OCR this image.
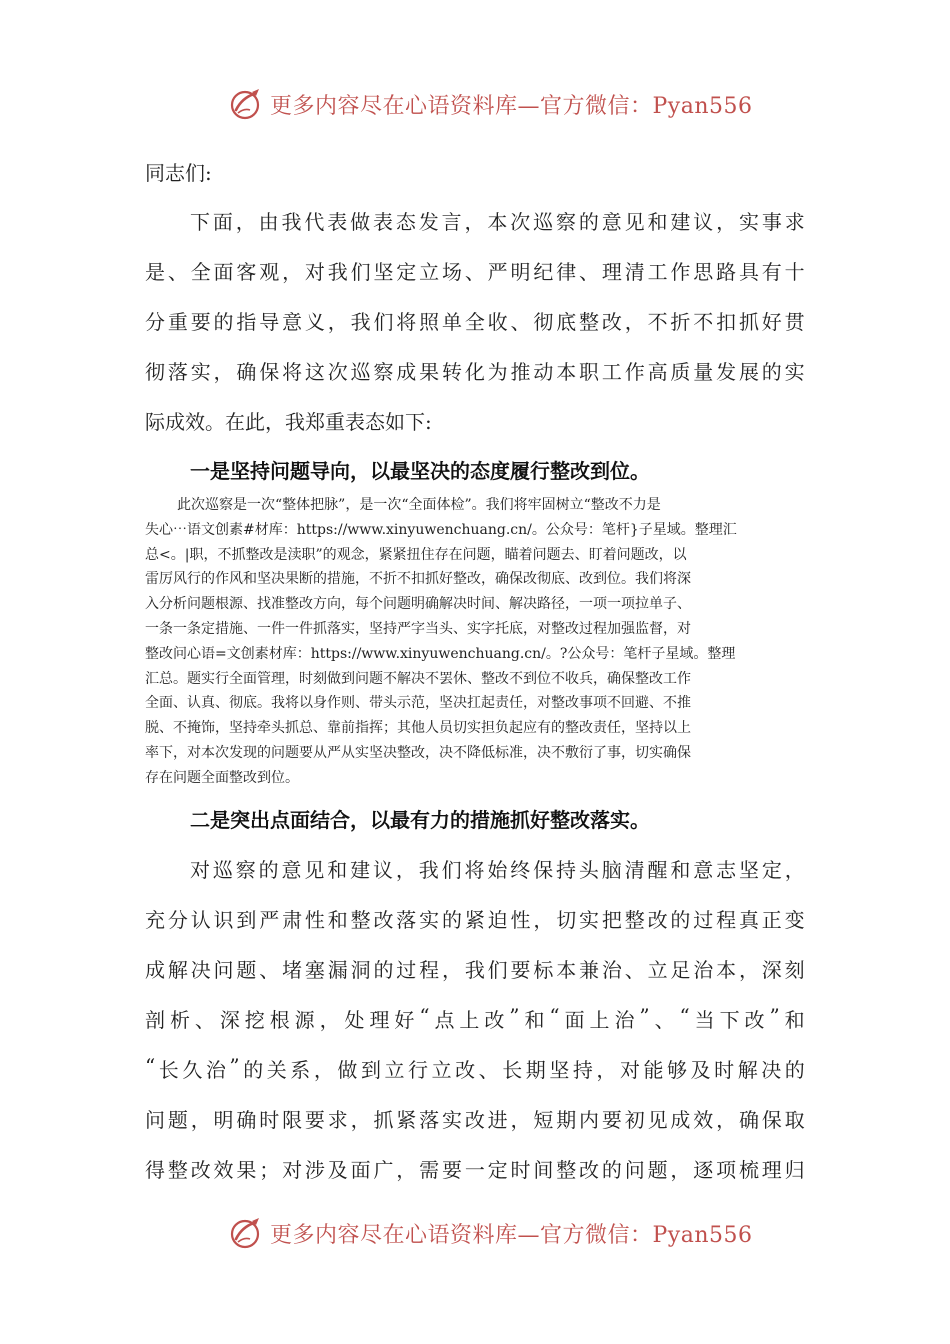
更多内容尽在心语资料库—官方微信：Pyan556
同志们:
下 面 ， 由 我 代 表 做 表 态 发 言 ， 本 次 巡 察 的 意 见 和 建 议 ， 实 事 求
是 、 全 面 客 观 ， 对 我 们 坚 定 立 场 、 严 明 纪 律 、 理 清 工 作 思 路 具 有 十
分 重 要 的 指 导 意 义 ， 我 们 将 照 单 全 收 、 彻 底 整 改 ， 不 折 不 扣 抓 好 贯
彻 落 实 ， 确 保 将 这 次 巡 察 成 果 转 化 为 推 动 本 职 工 作 高 质 量 发 展 的 实
际成效。在此，我郑重表态如下:
一是坚持问题导向，以最坚决的态度履行整改到位。
此次巡察是一次“整体把脉”，是一次“全面体检”。我们将牢固树立“整改不力是
失心⋯语文创素#材库：https://www.xinyuwenchuang.cn/。公众号：笔杆}子星域。整理汇
总<。|职，不抓整改是渎职”的观念，紧紧扭住存在问题，瞄着问题去、盯着问题改，以
雷厉风行的作风和坚决果断的措施，不折不扣抓好整改，确保改彻底、改到位。我们将深
入分析问题根源、找准整改方向，每个问题明确解决时间、解决路径，一项一项拉单子、
一条一条定措施、一件一件抓落实，坚持严字当头、实字托底，对整改过程加强监督，对
整改问心语=文创素材库：https://www.xinyuwenchuang.cn/。?公众号：笔杆子星域。整理
汇总。题实行全面管理，时刻做到问题不解决不罢休、整改不到位不收兵，确保整改工作
全面、认真、彻底。我将以身作则、带头示范，坚决扛起责任，对整改事项不回避、不推
脱、不掩饰，坚持牵头抓总、靠前指挥；其他人员切实担负起应有的整改责任，坚持以上
率下，对本次发现的问题要从严从实坚决整改，决不降低标准，决不敷衍了事，切实确保
存在问题全面整改到位。
二是突出点面结合，以最有力的措施抓好整改落实。
对 巡 察 的 意 见 和 建 议 ， 我 们 将 始 终 保 持 头 脑 清 醒 和 意 志 坚 定 ，
充 分 认 识 到 严 肃 性 和 整 改 落 实 的 紧 迫 性 ， 切 实 把 整 改 的 过 程 真 正 变
成 解 决 问 题 、 堵 塞 漏 洞 的 过 程 ， 我 们 要 标 本 兼 治 、 立 足 治 本 ， 深 刻
剖 析 、 深 挖 根 源 ， 处 理 好 “ 点 上 改 ” 和 “ 面 上 治 ” 、 “ 当 下 改 ” 和
“ 长 久 治 ” 的 关 系 ， 做 到 立 行 立 改 、 长 期 坚 持 ， 对 能 够 及 时 解 决 的
问 题 ， 明 确 时 限 要 求 ， 抓 紧 落 实 改 进 ， 短 期 内 要 初 见 成 效 ， 确 保 取
得 整 改 效 果 ； 对 涉 及 面 广 ， 需 要 一 定 时 间 整 改 的 问 题 ， 逐 项 梳 理 归
更多内容尽在心语资料库—官方微信：Pyan556
